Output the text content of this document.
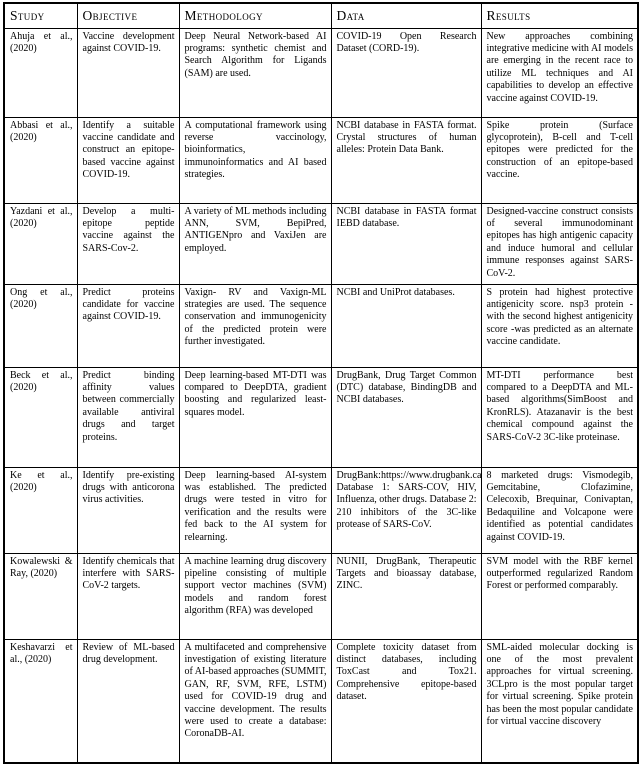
Study	Objective	Methodology	Data	Results
Ahuja et al., (2020)	Vaccine development against COVID-19.	Deep Neural Network-based AI programs: synthetic chemist and Search Algorithm for Ligands (SAM) are used.	COVID-19 Open Research Dataset (CORD-19).	New approaches combining integrative medicine with AI models are emerging in the recent race to utilize ML techniques and AI capabilities to develop an effective vaccine against COVID-19.
Abbasi et al., (2020)	Identify a suitable vaccine candidate and construct an epitope-based vaccine against COVID-19.	A computational framework using reverse vaccinology, bioinformatics, immunoinformatics and AI based strategies.	NCBI database in FASTA format. Crystal structures of human alleles: Protein Data Bank.	Spike protein (Surface glycoprotein), B-cell and T-cell epitopes were predicted for the construction of an epitope-based vaccine.
Yazdani et al., (2020)	Develop a multi-epitope peptide vaccine against the SARS-Cov-2.	A variety of ML methods including ANN, SVM, BepiPred, ANTIGENpro and VaxiJen are employed.	NCBI database in FASTA format IEBD database.	Designed-vaccine construct consists of several immunodominant epitopes has high antigenic capacity and induce humoral and cellular immune responses against SARS-CoV-2.
Ong et al., (2020)	Predict proteins candidate for vaccine against COVID-19.	Vaxign- RV and Vaxign-ML strategies are used. The sequence conservation and immunogenicity of the predicted protein were further investigated.	NCBI and UniProt databases.	S protein had highest protective antigenicity score. nsp3 protein - with the second highest antigenicity score -was predicted as an alternate vaccine candidate.
Beck et al., (2020)	Predict binding affinity values between commercially available antiviral drugs and target proteins.	Deep learning-based MT-DTI was compared to DeepDTA, gradient boosting and regularized least-squares model.	DrugBank, Drug Target Common (DTC) database, BindingDB and NCBI databases.	MT-DTI performance best compared to a DeepDTA and ML-based algorithms(SimBoost and KronRLS). Atazanavir is the best chemical compound against the SARS-CoV-2 3C-like proteinase.
Ke et al., (2020)	Identify pre-existing drugs with anticorona virus activities.	Deep learning-based AI-system was established. The predicted drugs were tested in vitro for verification and the results were fed back to the AI system for relearning.	DrugBank:https://www.drugbank.ca Database 1: SARS-COV, HIV, Influenza, other drugs. Database 2: 210 inhibitors of the 3C-like protease of SARS-CoV.	8 marketed drugs: Vismodegib, Gemcitabine, Clofazimine, Celecoxib, Brequinar, Conivaptan, Bedaquiline and Volcapone were identified as potential candidates against COVID-19.
Kowalewski & Ray, (2020)	Identify chemicals that interfere with SARS-CoV-2 targets.	A machine learning drug discovery pipeline consisting of multiple support vector machines (SVM) models and random forest algorithm (RFA) was developed	NUNII, DrugBank, Therapeutic Targets and bioassay database, ZINC.	SVM model with the RBF kernel outperformed regularized Random Forest or performed comparably.
Keshavarzi et al., (2020)	Review of ML-based drug development.	A multifaceted and comprehensive investigation of existing literature of AI-based approaches (SUMMIT, GAN, RF, SVM, RFE, LSTM) used for COVID-19 drug and vaccine development. The results were used to create a database: CoronaDB-AI.	Complete toxicity dataset from distinct databases, including ToxCast and Tox21. Comprehensive epitope-based dataset.	SML-aided molecular docking is one of the most prevalent approaches for virtual screening. 3CLpro is the most popular target for virtual screening. Spike protein has been the most popular candidate for virtual vaccine discovery
